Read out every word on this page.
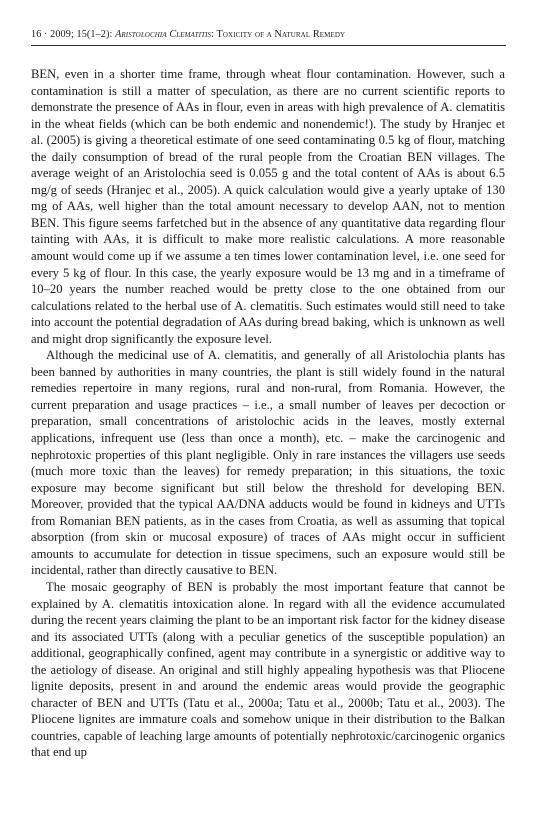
16 · 2009; 15(1–2): Aristolochia Clematitis: Toxicity of a Natural Remedy

BEN, even in a shorter time frame, through wheat flour contamination. However, such a contamination is still a matter of speculation, as there are no current scientific reports to demonstrate the presence of AAs in flour, even in areas with high prevalence of A. clematitis in the wheat fields (which can be both endemic and nonendemic!). The study by Hranjec et al. (2005) is giving a theoretical estimate of one seed contaminating 0.5 kg of flour, matching the daily consumption of bread of the rural people from the Croatian BEN villages. The average weight of an Aristolochia seed is 0.055 g and the total content of AAs is about 6.5 mg/g of seeds (Hranjec et al., 2005). A quick calculation would give a yearly uptake of 130 mg of AAs, well higher than the total amount necessary to develop AAN, not to mention BEN. This figure seems farfetched but in the absence of any quantitative data regarding flour tainting with AAs, it is difficult to make more realistic calculations. A more reasonable amount would come up if we assume a ten times lower contamination level, i.e. one seed for every 5 kg of flour. In this case, the yearly exposure would be 13 mg and in a timeframe of 10–20 years the number reached would be pretty close to the one obtained from our calculations related to the herbal use of A. clematitis. Such estimates would still need to take into account the potential degradation of AAs during bread baking, which is unknown as well and might drop significantly the exposure level.

Although the medicinal use of A. clematitis, and generally of all Aristolochia plants has been banned by authorities in many countries, the plant is still widely found in the natural remedies repertoire in many regions, rural and non-rural, from Romania. However, the current preparation and usage practices – i.e., a small number of leaves per decoction or preparation, small concentrations of aristolochic acids in the leaves, mostly external applications, infrequent use (less than once a month), etc. – make the carcinogenic and nephrotoxic properties of this plant negligible. Only in rare instances the villagers use seeds (much more toxic than the leaves) for remedy preparation; in this situations, the toxic exposure may become significant but still below the threshold for developing BEN. Moreover, provided that the typical AA/DNA adducts would be found in kidneys and UTTs from Romanian BEN patients, as in the cases from Croatia, as well as assuming that topical absorption (from skin or mucosal exposure) of traces of AAs might occur in sufficient amounts to accumulate for detection in tissue specimens, such an exposure would still be incidental, rather than directly causative to BEN.

The mosaic geography of BEN is probably the most important feature that cannot be explained by A. clematitis intoxication alone. In regard with all the evidence accumulated during the recent years claiming the plant to be an important risk factor for the kidney disease and its associated UTTs (along with a peculiar genetics of the susceptible population) an additional, geographically confined, agent may contribute in a synergistic or additive way to the aetiology of disease. An original and still highly appealing hypothesis was that Pliocene lignite deposits, present in and around the endemic areas would provide the geographic character of BEN and UTTs (Tatu et al., 2000a; Tatu et al., 2000b; Tatu et al., 2003). The Pliocene lignites are immature coals and somehow unique in their distribution to the Balkan countries, capable of leaching large amounts of potentially nephrotoxic/carcinogenic organics that end up
